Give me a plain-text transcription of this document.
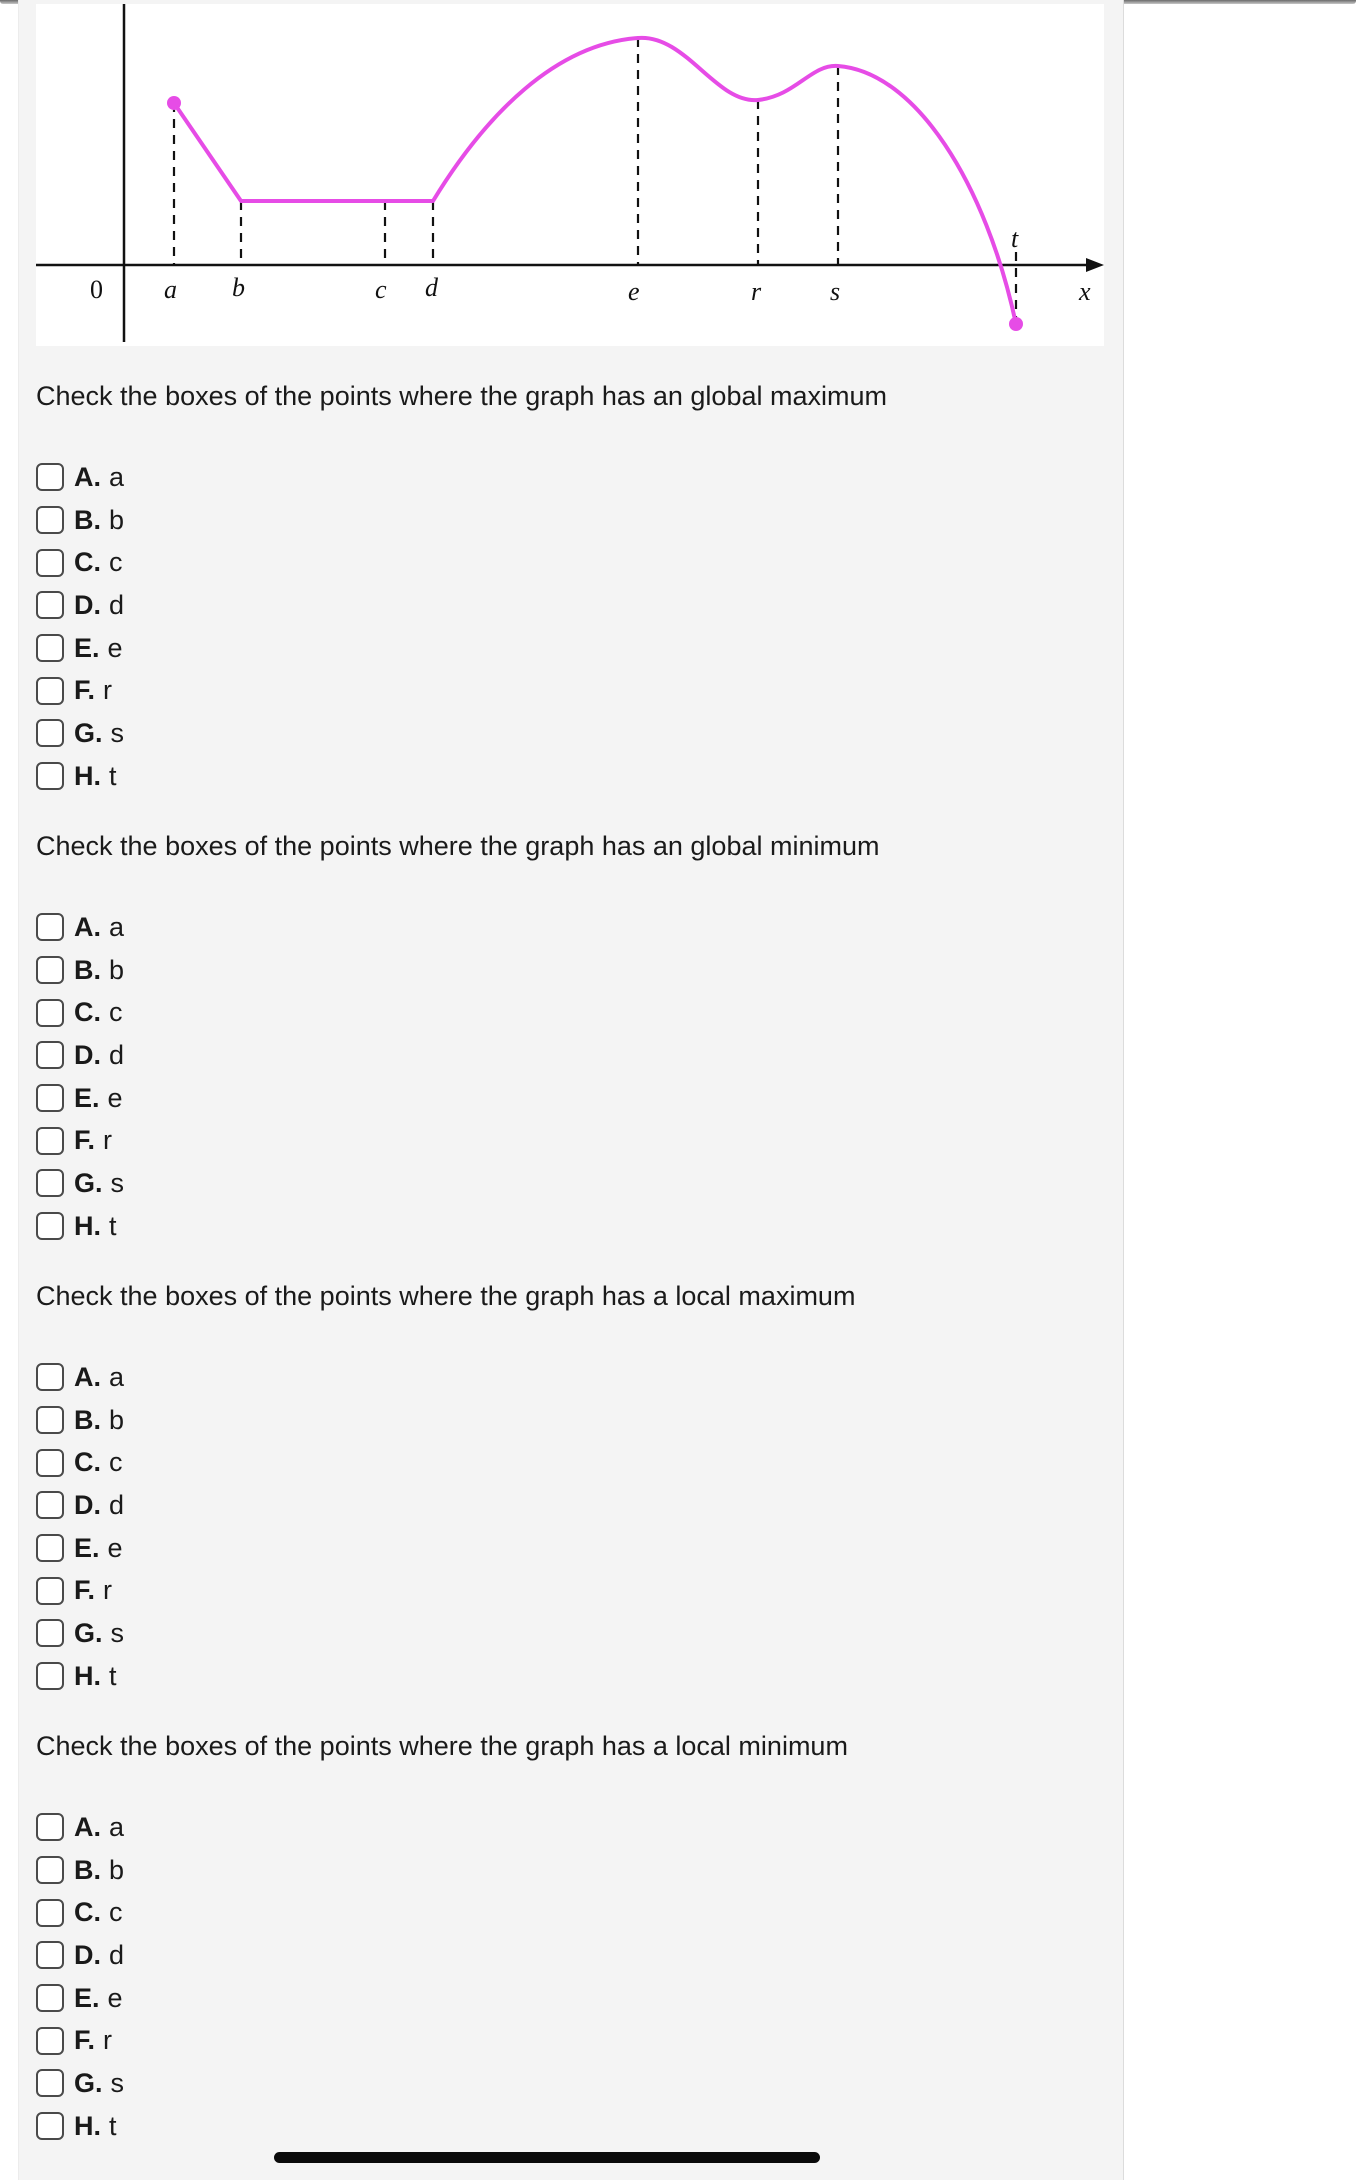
0 a b	c d	e	r	s
t
x
Check the boxes of the points where the graph has an global maximum
A. a
B. b
C. c
D. d
E. e
F. r
G. s
H. t
Check the boxes of the points where the graph has an global minimum
A. a
B. b
C. c
D. d
E. e
F. r
G. s
H. t
Check the boxes of the points where the graph has a local maximum
A. a
B. b
C. c
D. d
E. e
F. r
G. s
H. t
Check the boxes of the points where the graph has a local minimum
A. a
B. b
C. c
D. d
E. e
F. r
G. s
H. t
